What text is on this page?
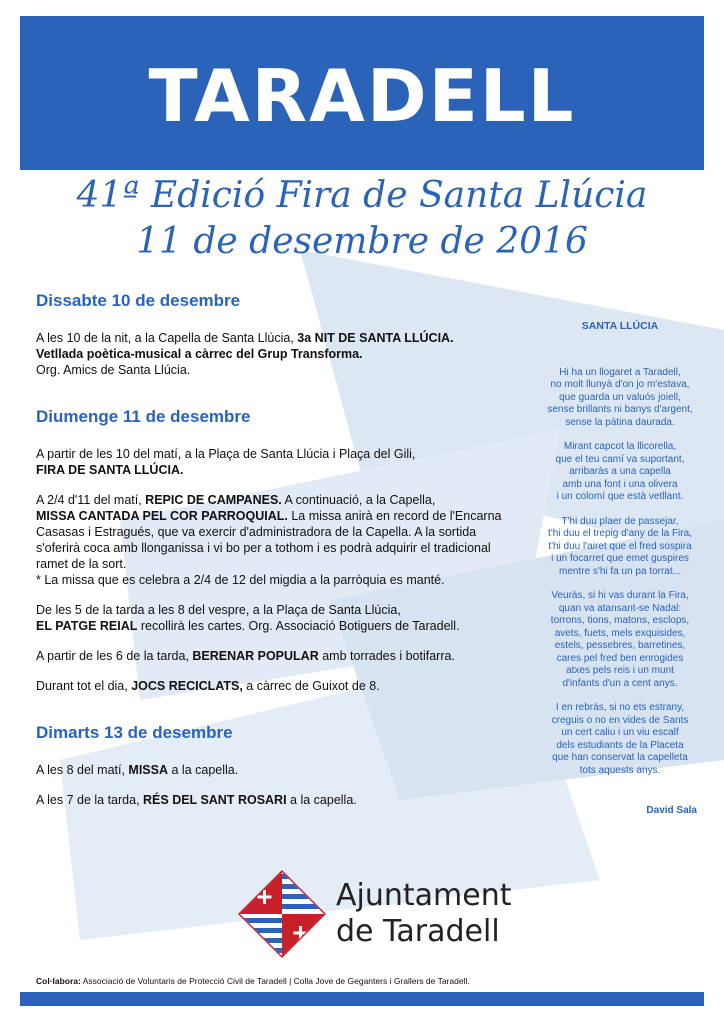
TARADELL
41ª Edició Fira de Santa Llúcia
11 de desembre de 2016
Dissabte 10 de desembre
A les 10 de la nit, a la Capella de Santa Llúcia, 3a NIT DE SANTA LLÚCIA.
Vetllada poètica-musical a càrrec del Grup Transforma.
Org. Amics de Santa Llúcia.
Diumenge 11 de desembre
A partir de les 10 del matí, a la Plaça de Santa Llúcia i Plaça del Gili,
FIRA DE SANTA LLÚCIA.
A 2/4 d'11 del matí, REPIC DE CAMPANES. A continuació, a la Capella,
MISSA CANTADA PEL COR PARROQUIAL. La missa anirà en record de l'Encarna Casasas i Estragués, que va exercir d'administradora de la Capella. A la sortida s'oferirà coca amb llonganissa i vi bo per a tothom i es podrà adquirir el tradicional ramet de la sort.
* La missa que es celebra a 2/4 de 12 del migdia a la parròquia es manté.
De les 5 de la tarda a les 8 del vespre, a la Plaça de Santa Llúcia,
EL PATGE REIAL recollirà les cartes. Org. Associació Botiguers de Taradell.
A partir de les 6 de la tarda, BERENAR POPULAR amb torrades i botifarra.
Durant tot el dia, JOCS RECICLATS, a càrrec de Guixot de 8.
Dimarts 13 de desembre
A les 8 del matí, MISSA a la capella.
A les 7 de la tarda, RÉS DEL SANT ROSARI a la capella.
SANTA LLÚCIA
Hi ha un llogaret a Taradell,
no molt llunyà d'on jo m'estava,
que guarda un valuós joiell,
sense brillants ni banys d'argent,
sense la pàtina daurada.
Mirant capcot la llicorella,
que el teu camí va suportant,
arribaràs a una capella
amb una font i una olivera
i un colomí que està vetllant.
T'hi duu plaer de passejar,
t'hi duu el trepig d'any de la Fira,
t'hi duu l'airet que el fred sospira
i un focarret que emet guspires
mentre s'hi fa un pa torrat...
Veuràs, si hi vas durant la Fira,
quan va atansant-se Nadal:
torrons, tions, matons, esclops,
avets, fuets, mels exquisides,
estels, pessebres, barretines,
cares pel fred ben enrogides
atxes pels reis i un munt
d'infants d'un a cent anys.
I en rebràs, si no ets estrany,
creguis o no en vides de Sants
un cert caliu i un viu escalf
dels estudiants de la Placeta
que han conservat la capelleta
tots aquests anys.
David Sala
Ajuntament
de Taradell
Col·labora: Associació de Voluntaris de Protecció Civil de Taradell | Colla Jove de Geganters i Grallers de Taradell.
